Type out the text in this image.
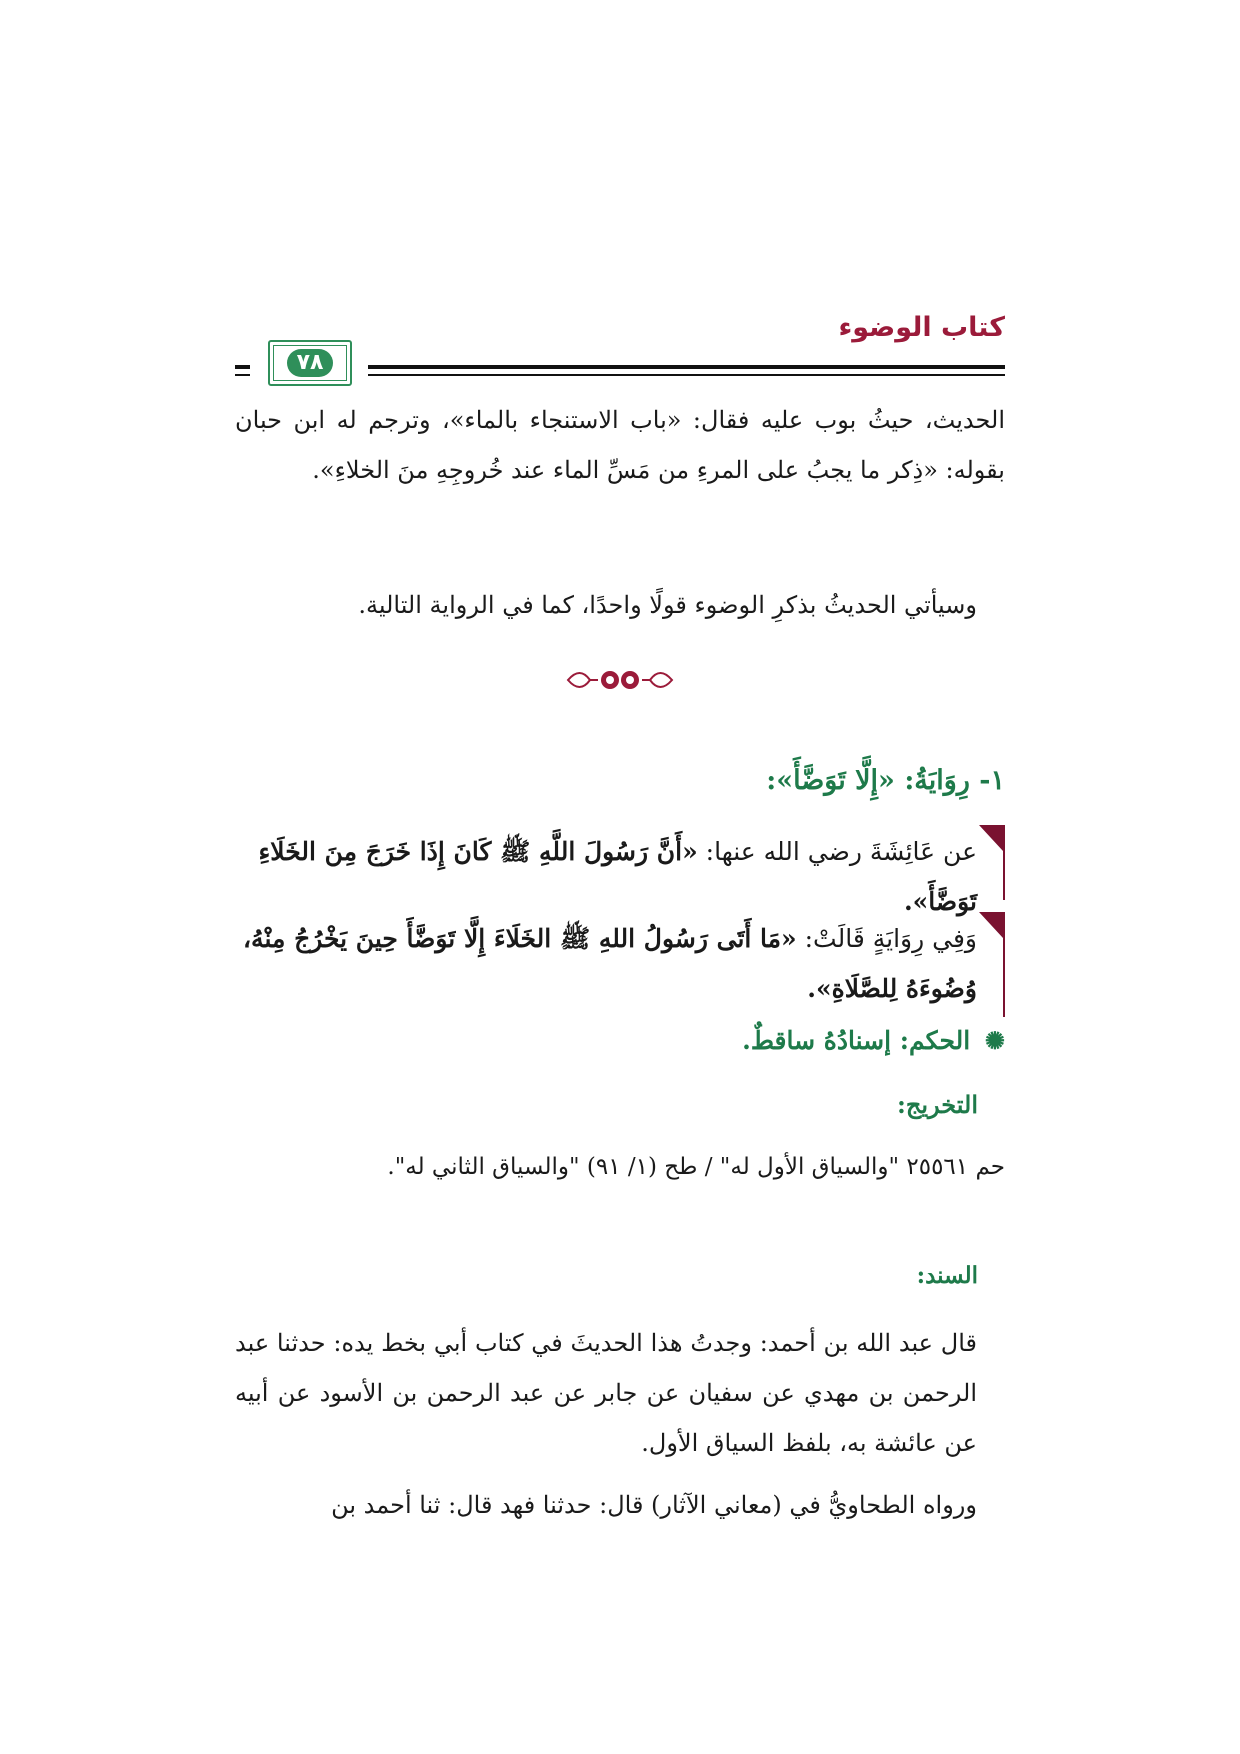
كتاب الوضوء
٧٨
الحديث، حيثُ بوب عليه فقال: «باب الاستنجاء بالماء»، وترجم له ابن حبان بقوله: «ذِكر ما يجبُ على المرءِ من مَسِّ الماء عند خُروجِهِ منَ الخلاءِ».
وسيأتي الحديثُ بذكرِ الوضوء قولًا واحدًا، كما في الرواية التالية.
١- رِوَايَةُ: «إِلَّا تَوَضَّأَ»:
عن عَائِشَةَ رضي الله عنها: «أَنَّ رَسُولَ اللَّهِ ﷺ كَانَ إِذَا خَرَجَ مِنَ الخَلَاءِ تَوَضَّأَ».
وَفِي رِوَايَةٍ قَالَتْ: «مَا أَتَى رَسُولُ اللهِ ﷺ الخَلَاءَ إِلَّا تَوَضَّأَ حِينَ يَخْرُجُ مِنْهُ، وُضُوءَهُ لِلصَّلَاةِ».
✺ الحكم: إسنادُهُ ساقطٌ.
التخريج:
حم ٢٥٥٦١ "والسياق الأول له" / طح (١/ ٩١) "والسياق الثاني له".
السند:
قال عبد الله بن أحمد: وجدتُ هذا الحديثَ في كتاب أبي بخط يده: حدثنا عبد الرحمن بن مهدي عن سفيان عن جابر عن عبد الرحمن بن الأسود عن أبيه عن عائشة به، بلفظ السياق الأول.
ورواه الطحاويُّ في (معاني الآثار) قال: حدثنا فهد قال: ثنا أحمد بن
